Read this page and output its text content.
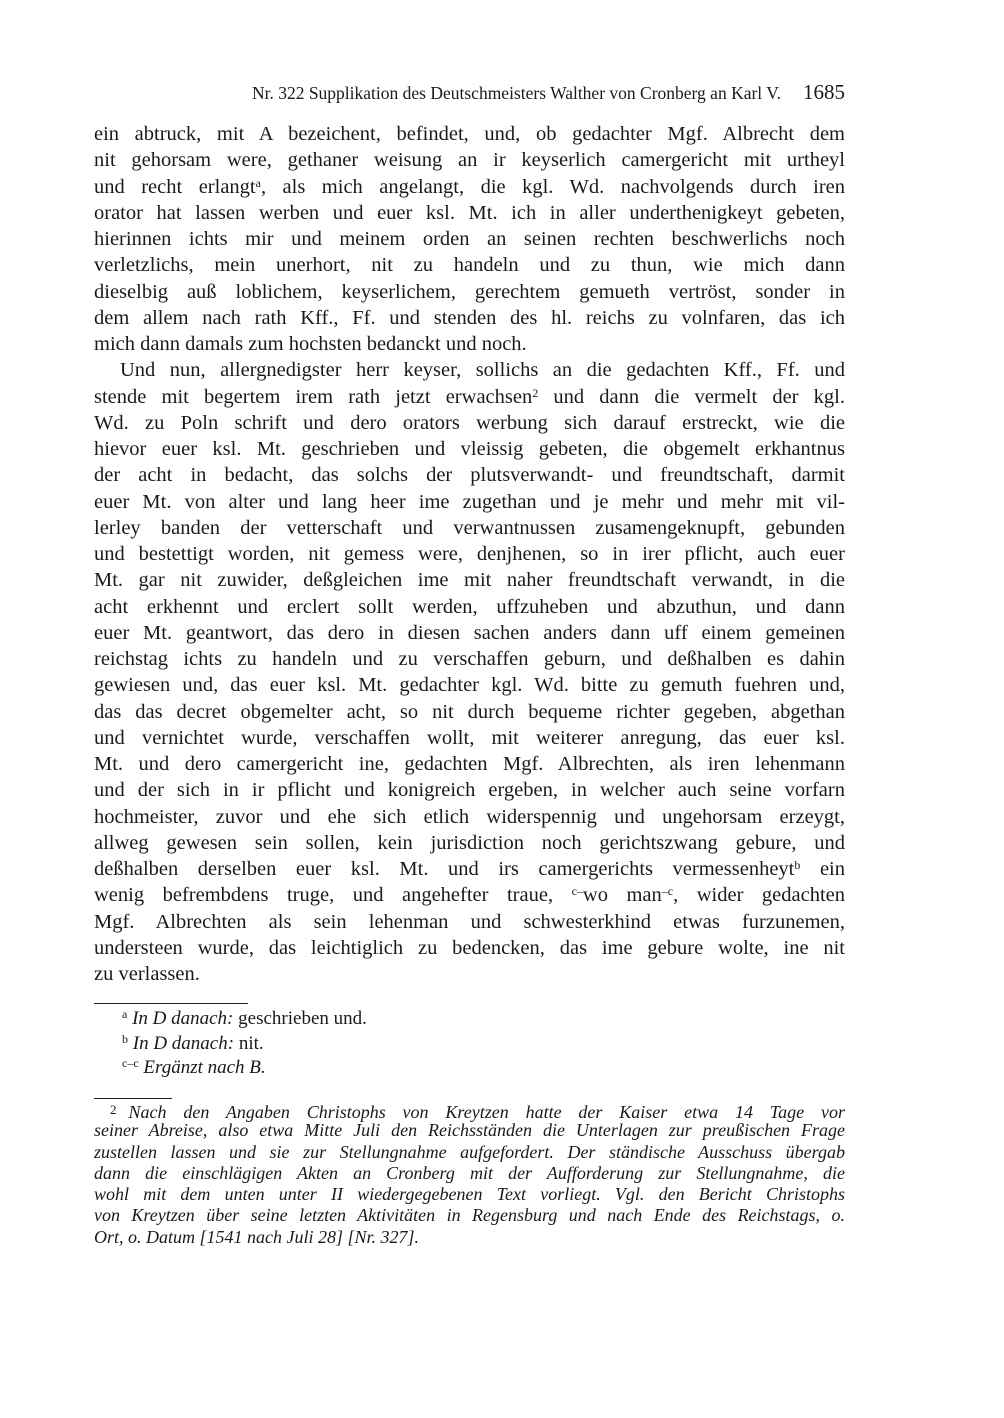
Nr. 322 Supplikation des Deutschmeisters Walther von Cronberg an Karl V. 1685
ein abtruck, mit A bezeichent, befindet, und, ob gedachter Mgf. Albrecht dem
nit gehorsam were, gethaner weisung an ir keyserlich camergericht mit urtheyl
und recht erlangt$^a$, als mich angelangt, die kgl. Wd. nachvolgends durch iren
orator hat lassen werben und euer ksl. Mt. ich in aller underthenigkeyt gebeten,
hierinnen ichts mir und meinem orden an seinen rechten beschwerlichs noch
verletzlichs, mein unerhort, nit zu handeln und zu thun, wie mich dann
dieselbig auß loblichem, keyserlichem, gerechtem gemueth vertröst, sonder in
dem allem nach rath Kff., Ff. und stenden des hl. reichs zu volnfaren, das ich
mich dann damals zum hochsten bedanckt und noch.
Und nun, allergnedigster herr keyser, sollichs an die gedachten Kff., Ff. und
stende mit begertem irem rath jetzt erwachsen$^2$ und dann die vermelt der kgl.
Wd. zu Poln schrift und dero orators werbung sich darauf erstreckt, wie die
hievor euer ksl. Mt. geschrieben und vleissig gebeten, die obgemelt erkhantnus
der acht in bedacht, das solchs der plutsverwandt- und freundtschaft, darmit
euer Mt. von alter und lang heer ime zugethan und je mehr und mehr mit vil-
lerley banden der vetterschaft und verwantnussen zusamengeknupft, gebunden
und bestettigt worden, nit gemess were, denjhenen, so in irer pflicht, auch euer
Mt. gar nit zuwider, deßgleichen ime mit naher freundtschaft verwandt, in die
acht erkhennt und erclert sollt werden, uffzuheben und abzuthun, und dann
euer Mt. geantwort, das dero in diesen sachen anders dann uff einem gemeinen
reichstag ichts zu handeln und zu verschaffen geburn, und deßhalben es dahin
gewiesen und, das euer ksl. Mt. gedachter kgl. Wd. bitte zu gemuth fuehren und,
das das decret obgemelter acht, so nit durch bequeme richter gegeben, abgethan
und vernichtet wurde, verschaffen wollt, mit weiterer anregung, das euer ksl.
Mt. und dero camergericht ine, gedachten Mgf. Albrechten, als iren lehenmann
und der sich in ir pflicht und konigreich ergeben, in welcher auch seine vorfarn
hochmeister, zuvor und ehe sich etlich widerspennig und ungehorsam erzeygt,
allweg gewesen sein sollen, kein jurisdiction noch gerichtszwang gebure, und
deßhalben derselben euer ksl. Mt. und irs camergerichts vermessenheyt$^b$ ein
wenig befrembdens truge, und angehefter traue, $^{c-}$wo man$^{-c}$, wider gedachten
Mgf. Albrechten als sein lehenman und schwesterkhind etwas furzunemen,
understeen wurde, das leichtiglich zu bedencken, das ime gebure wolte, ine nit
zu verlassen.
$^a$ In D danach: geschrieben und.
$^b$ In D danach: nit.
$^{c-c}$ Ergänzt nach B.
$^2$ Nach den Angaben Christophs von Kreytzen hatte der Kaiser etwa 14 Tage vor
seiner Abreise, also etwa Mitte Juli den Reichsständen die Unterlagen zur preußischen Frage
zustellen lassen und sie zur Stellungnahme aufgefordert. Der ständische Ausschuss übergab
dann die einschlägigen Akten an Cronberg mit der Aufforderung zur Stellungnahme, die
wohl mit dem unten unter II wiedergegebenen Text vorliegt. Vgl. den Bericht Christophs
von Kreytzen über seine letzten Aktivitäten in Regensburg und nach Ende des Reichstags, o.
Ort, o. Datum [1541 nach Juli 28] [Nr. 327].
